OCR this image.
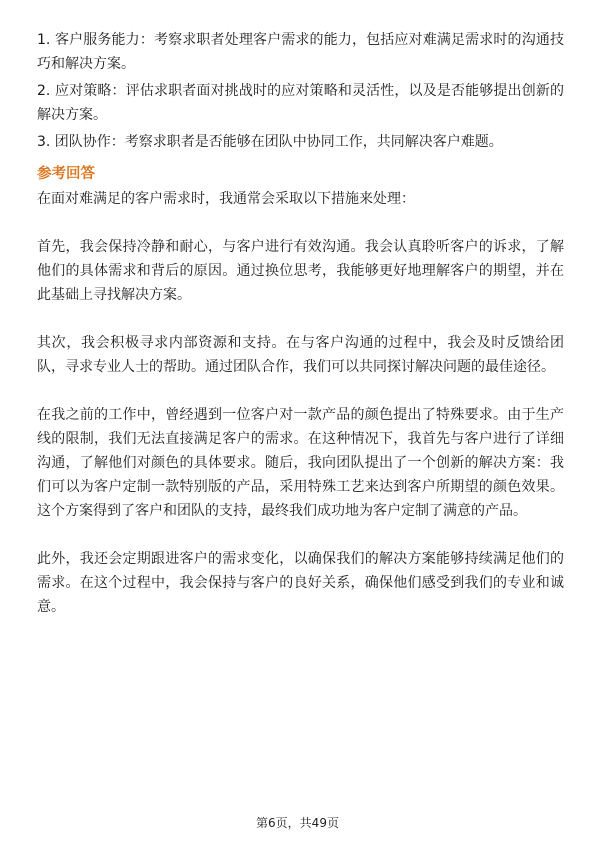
1. 客户服务能力：考察求职者处理客户需求的能力，包括应对难满足需求时的沟通技巧和解决方案。
2. 应对策略：评估求职者面对挑战时的应对策略和灵活性，以及是否能够提出创新的解决方案。
3. 团队协作：考察求职者是否能够在团队中协同工作，共同解决客户难题。
参考回答

在面对难满足的客户需求时，我通常会采取以下措施来处理：

首先，我会保持冷静和耐心，与客户进行有效沟通。我会认真聆听客户的诉求，了解他们的具体需求和背后的原因。通过换位思考，我能够更好地理解客户的期望，并在此基础上寻找解决方案。

其次，我会积极寻求内部资源和支持。在与客户沟通的过程中，我会及时反馈给团队，寻求专业人士的帮助。通过团队合作，我们可以共同探讨解决问题的最佳途径。

在我之前的工作中，曾经遇到一位客户对一款产品的颜色提出了特殊要求。由于生产线的限制，我们无法直接满足客户的需求。在这种情况下，我首先与客户进行了详细沟通，了解他们对颜色的具体要求。随后，我向团队提出了一个创新的解决方案：我们可以为客户定制一款特别版的产品，采用特殊工艺来达到客户所期望的颜色效果。这个方案得到了客户和团队的支持，最终我们成功地为客户定制了满意的产品。

此外，我还会定期跟进客户的需求变化，以确保我们的解决方案能够持续满足他们的需求。在这个过程中，我会保持与客户的良好关系，确保他们感受到我们的专业和诚意。

第6页，共49页
